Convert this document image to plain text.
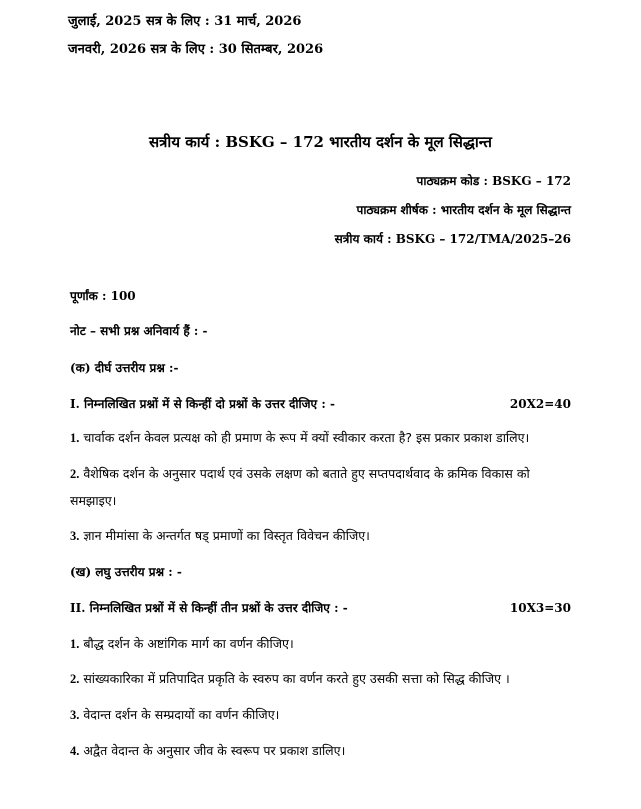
जुलाई, 2025 सत्र के लिए : 31 मार्च, 2026
जनवरी, 2026 सत्र के लिए : 30 सितम्बर, 2026
सत्रीय कार्य : BSKG – 172 भारतीय दर्शन के मूल सिद्धान्त
पाठ्यक्रम कोड : BSKG – 172
पाठ्यक्रम शीर्षक : भारतीय दर्शन के मूल सिद्धान्त
सत्रीय कार्य : BSKG – 172/TMA/2025–26
पूर्णांक : 100
नोट – सभी प्रश्न अनिवार्य हैं : -
(क) दीर्घ उत्तरीय प्रश्न :-
I. निम्नलिखित प्रश्नों में से किन्हीं दो प्रश्नों के उत्तर दीजिए : -	20X2=40
1. चार्वाक दर्शन केवल प्रत्यक्ष को ही प्रमाण के रूप में क्यों स्वीकार करता है? इस प्रकार प्रकाश डालिए।
2. वैशेषिक दर्शन के अनुसार पदार्थ एवं उसके लक्षण को बताते हुए सप्तपदार्थवाद के क्रमिक विकास को
समझाइए।
3. ज्ञान मीमांसा के अन्तर्गत षड् प्रमाणों का विस्तृत विवेचन कीजिए।
(ख) लघु उत्तरीय प्रश्न : -
II. निम्नलिखित प्रश्नों में से किन्हीं तीन प्रश्नों के उत्तर दीजिए : -	10X3=30
1. बौद्ध दर्शन के अष्टांगिक मार्ग का वर्णन कीजिए।
2. सांख्यकारिका में प्रतिपादित प्रकृति के स्वरुप का वर्णन करते हुए उसकी सत्ता को सिद्ध कीजिए ।
3. वेदान्त दर्शन के सम्प्रदायों का वर्णन कीजिए।
4. अद्वैत वेदान्त के अनुसार जीव के स्वरूप पर प्रकाश डालिए।
